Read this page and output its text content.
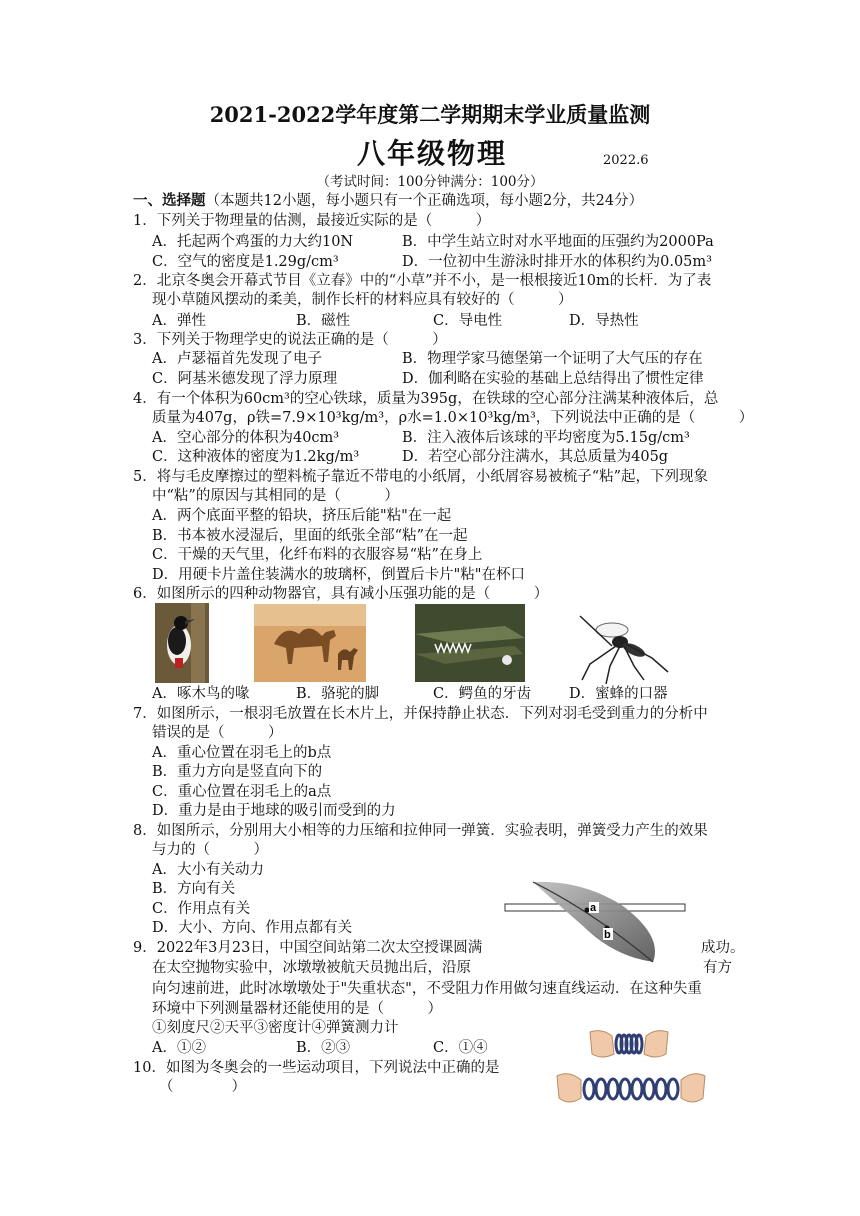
2021-2022学年度第二学期期末学业质量监测
八年级物理	2022.6
（考试时间：100分钟满分：100分）
一、选择题（本题共12小题，每小题只有一个正确选项，每小题2分，共24分）
1．下列关于物理量的估测，最接近实际的是（　　　）
A．托起两个鸡蛋的力大约10N	B．中学生站立时对水平地面的压强约为2000Pa
C．空气的密度是1.29g/cm³	D．一位初中生游泳时排开水的体积约为0.05m³
2．北京冬奥会开幕式节目《立春》中的“小草”并不小，是一根根接近10m的长杆．为了表
现小草随风摆动的柔美，制作长杆的材料应具有较好的（　　　）
A．弹性	B．磁性	C．导电性	D．导热性
3．下列关于物理学史的说法正确的是（　　　）
A．卢瑟福首先发现了电子	B．物理学家马德堡第一个证明了大气压的存在
C．阿基米德发现了浮力原理	D．伽利略在实验的基础上总结得出了惯性定律
4．有一个体积为60cm³的空心铁球，质量为395g，在铁球的空心部分注满某种液体后，总
质量为407g，ρ铁=7.9×10³kg/m³，ρ水=1.0×10³kg/m³，下列说法中正确的是（　　　）
A．空心部分的体积为40cm³	B．注入液体后该球的平均密度为5.15g/cm³
C．这种液体的密度为1.2kg/m³	D．若空心部分注满水，其总质量为405g
5．将与毛皮摩擦过的塑料梳子靠近不带电的小纸屑，小纸屑容易被梳子“粘”起，下列现象
中“粘”的原因与其相同的是（　　　）
A．两个底面平整的铅块，挤压后能"粘"在一起
B．书本被水浸湿后，里面的纸张全部“粘”在一起
C．干燥的天气里，化纤布料的衣服容易“粘”在身上
D．用硬卡片盖住装满水的玻璃杯，倒置后卡片"粘"在杯口
6．如图所示的四种动物器官，具有减小压强功能的是（　　　）
A．啄木鸟的喙	B．骆驼的脚	C．鳄鱼的牙齿	D．蜜蜂的口器
7．如图所示，一根羽毛放置在长木片上，并保持静止状态．下列对羽毛受到重力的分析中
错误的是（　　　）
A．重心位置在羽毛上的b点
B．重力方向是竖直向下的
C．重心位置在羽毛上的a点
D．重力是由于地球的吸引而受到的力
8．如图所示，分别用大小相等的力压缩和拉伸同一弹簧．实验表明，弹簧受力产生的效果
与力的（　　　）
A．大小有关动力
B．方向有关
C．作用点有关
D．大小、方向、作用点都有关
a
b
9．2022年3月23日，中国空间站第二次太空授课圆满	成功。
在太空抛物实验中，冰墩墩被航天员抛出后，沿原	有方
向匀速前进，此时冰墩墩处于"失重状态"，不受阻力作用做匀速直线运动．在这种失重
环境中下列测量器材还能使用的是（　　　）
①刻度尺②天平③密度计④弹簧测力计
A．①②	B．②③	C．①④
10．如图为冬奥会的一些运动项目，下列说法中正确的是
（　　　　）
